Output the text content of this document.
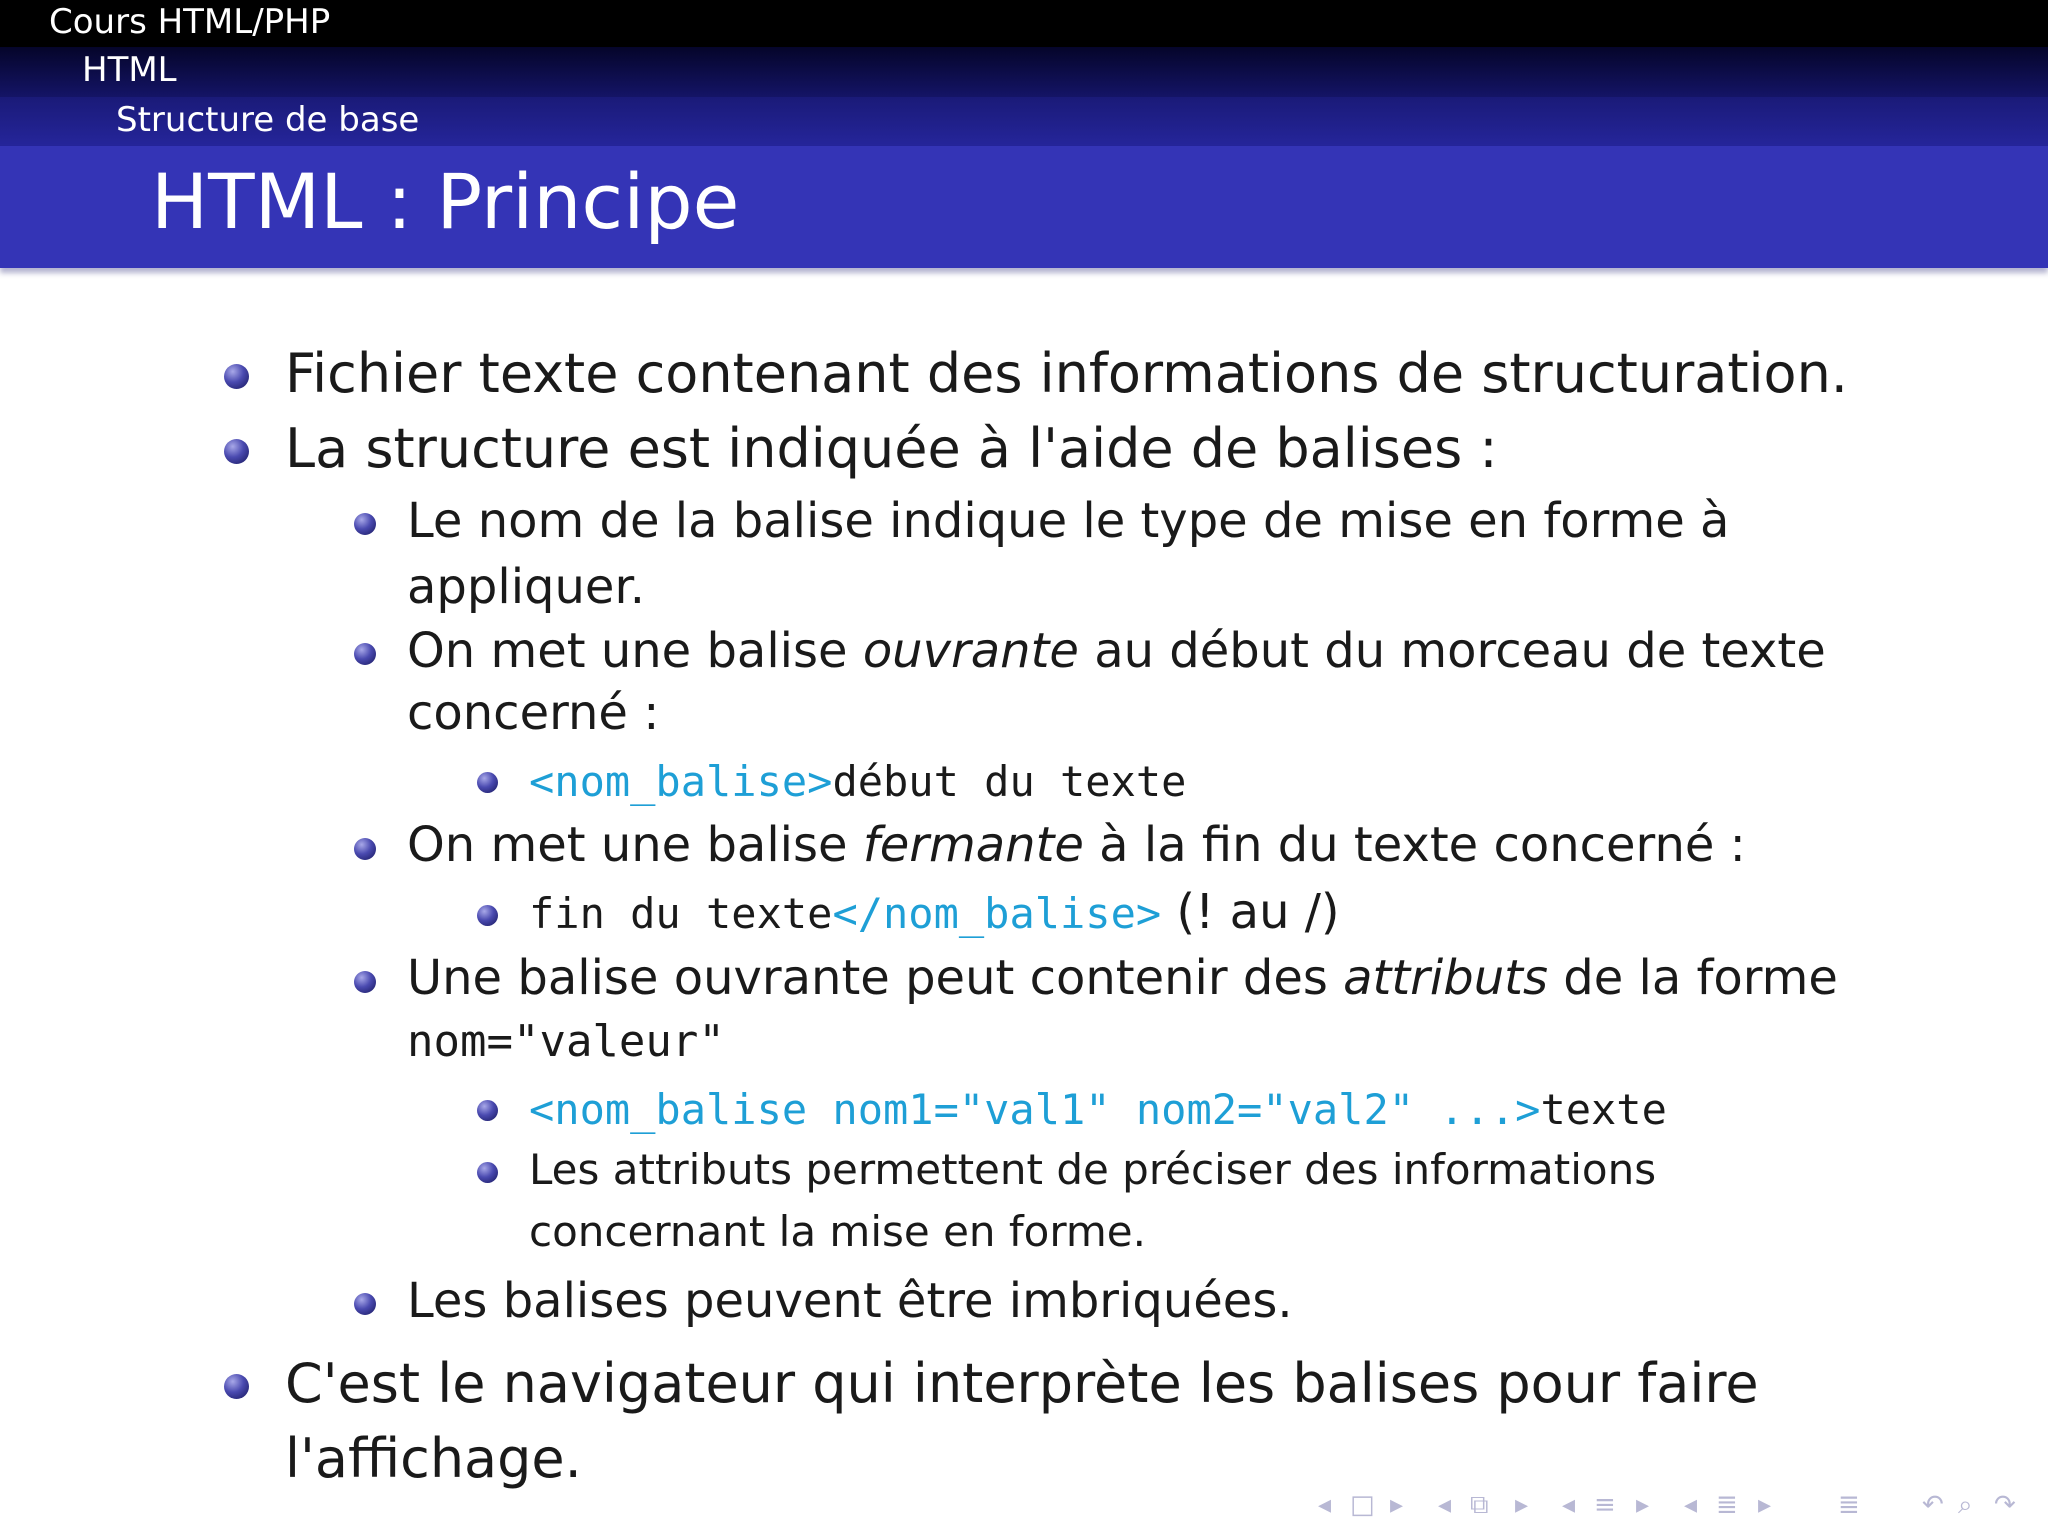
Cours HTML/PHP
HTML
Structure de base
HTML : Principe
Fichier texte contenant des informations de structuration.
La structure est indiquée à l'aide de balises :
Le nom de la balise indique le type de mise en forme à
appliquer.
On met une balise ouvrante au début du morceau de texte
concerné :
<nom_balise>début du texte
On met une balise fermante à la fin du texte concerné :
fin du texte</nom_balise> (! au /)
Une balise ouvrante peut contenir des attributs de la forme
nom="valeur"
<nom_balise nom1="val1" nom2="val2" ...>texte
Les attributs permettent de préciser des informations
concernant la mise en forme.
Les balises peuvent être imbriquées.
C'est le navigateur qui interprète les balises pour faire
l'affichage.
◂ □ ▸ ◂ ⧉ ▸ ◂ ≡ ▸ ◂ ≣ ▸	≣ ↶ ⌕ ↷
